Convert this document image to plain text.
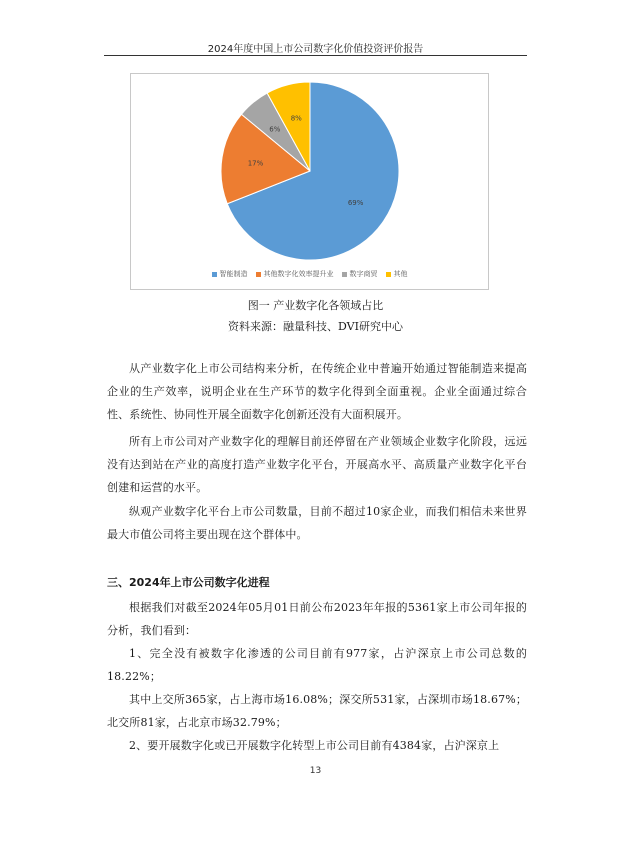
2024年度中国上市公司数字化价值投资评价报告
69%
17%
6%
8%
智能制造 其他数字化效率提升业 数字商贸 其他
图一 产业数字化各领域占比
资料来源：融量科技、DVI研究中心

从产业数字化上市公司结构来分析，在传统企业中普遍开始通过智能制造来提高企业的生产效率，说明企业在生产环节的数字化得到全面重视。企业全面通过综合性、系统性、协同性开展全面数字化创新还没有大面积展开。

所有上市公司对产业数字化的理解目前还停留在产业领域企业数字化阶段，远远没有达到站在产业的高度打造产业数字化平台，开展高水平、高质量产业数字化平台创建和运营的水平。

纵观产业数字化平台上市公司数量，目前不超过10家企业，而我们相信未来世界最大市值公司将主要出现在这个群体中。

三、2024年上市公司数字化进程

根据我们对截至2024年05月01日前公布2023年年报的5361家上市公司年报的分析，我们看到：

1、完全没有被数字化渗透的公司目前有977家，占沪深京上市公司总数的18.22%；

其中上交所365家，占上海市场16.08%；深交所531家，占深圳市场18.67%；北交所81家，占北京市场32.79%；

2、要开展数字化或已开展数字化转型上市公司目前有4384家，占沪深京上

13
